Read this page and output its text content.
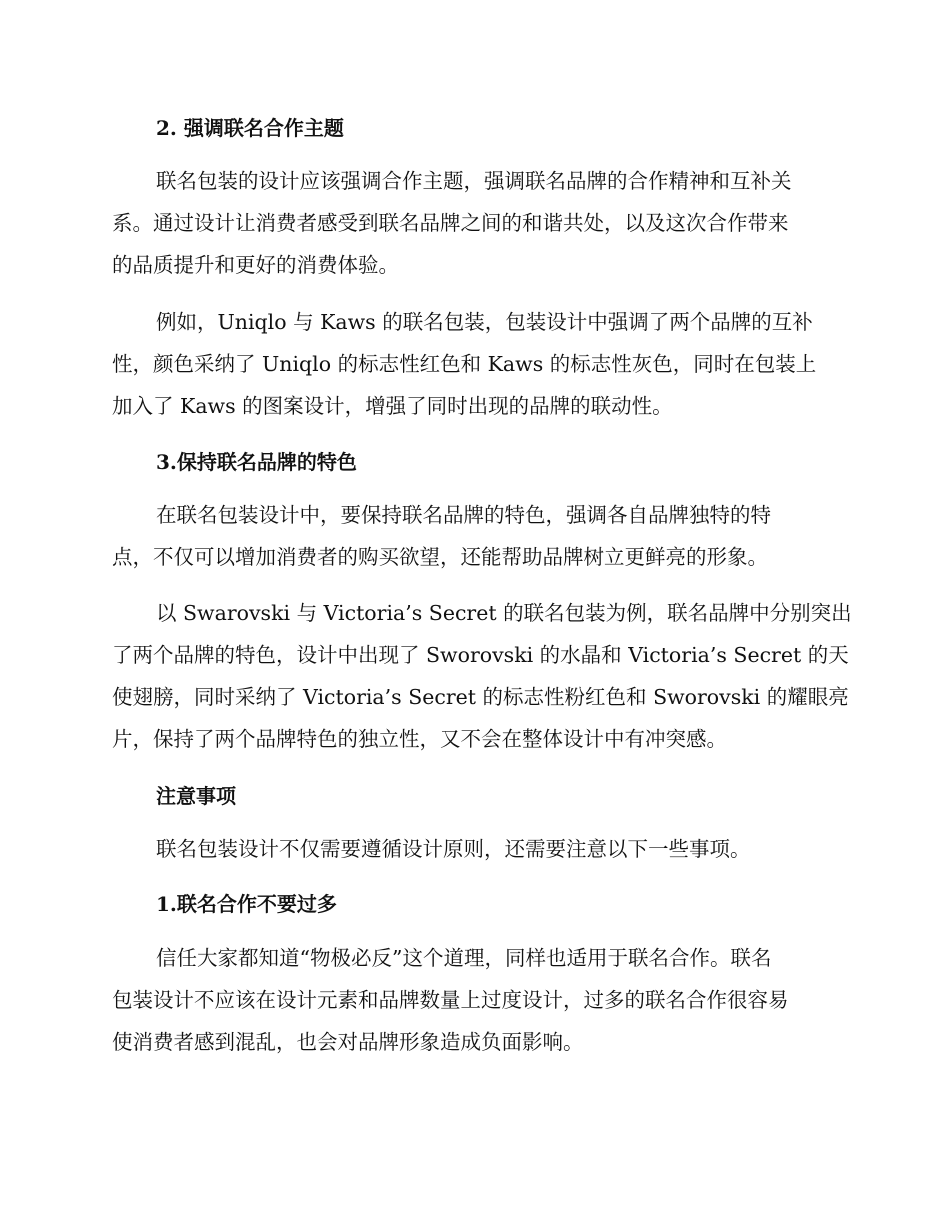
2. 强调联名合作主题
联名包装的设计应该强调合作主题，强调联名品牌的合作精神和互补关
系。通过设计让消费者感受到联名品牌之间的和谐共处，以及这次合作带来
的品质提升和更好的消费体验。
例如，Uniqlo 与 Kaws 的联名包装，包装设计中强调了两个品牌的互补
性，颜色采纳了 Uniqlo 的标志性红色和 Kaws 的标志性灰色，同时在包装上
加入了 Kaws 的图案设计，增强了同时出现的品牌的联动性。
3.保持联名品牌的特色
在联名包装设计中，要保持联名品牌的特色，强调各自品牌独特的特
点，不仅可以增加消费者的购买欲望，还能帮助品牌树立更鲜亮的形象。
以 Swarovski 与 Victoria’s Secret 的联名包装为例，联名品牌中分别突出
了两个品牌的特色，设计中出现了 Sworovski 的水晶和 Victoria’s Secret 的天
使翅膀，同时采纳了 Victoria’s Secret 的标志性粉红色和 Sworovski 的耀眼亮
片，保持了两个品牌特色的独立性，又不会在整体设计中有冲突感。
注意事项
联名包装设计不仅需要遵循设计原则，还需要注意以下一些事项。
1.联名合作不要过多
信任大家都知道“物极必反”这个道理，同样也适用于联名合作。联名
包装设计不应该在设计元素和品牌数量上过度设计，过多的联名合作很容易
使消费者感到混乱，也会对品牌形象造成负面影响。
